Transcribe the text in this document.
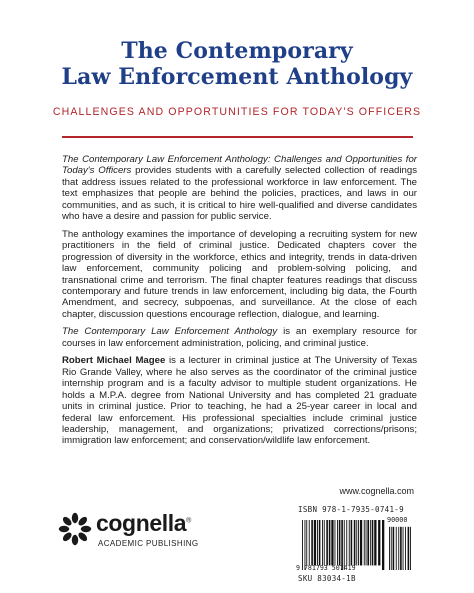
The Contemporary
Law Enforcement Anthology
CHALLENGES AND OPPORTUNITIES FOR TODAY'S OFFICERS

The Contemporary Law Enforcement Anthology: Challenges and Opportunities for Today's Officers provides students with a carefully selected collection of readings that address issues related to the professional workforce in law enforcement. The text emphasizes that people are behind the policies, practices, and laws in our communities, and as such, it is critical to hire well-qualified and diverse candidates who have a desire and passion for public service.

The anthology examines the importance of developing a recruiting system for new practitioners in the field of criminal justice. Dedicated chapters cover the progression of diversity in the workforce, ethics and integrity, trends in data-driven law enforcement, community policing and problem-solving policing, and transnational crime and terrorism. The final chapter features readings that discuss contemporary and future trends in law enforcement, including big data, the Fourth Amendment, and secrecy, subpoenas, and surveillance. At the close of each chapter, discussion questions encourage reflection, dialogue, and learning.

The Contemporary Law Enforcement Anthology is an exemplary resource for courses in law enforcement administration, policing, and criminal justice.

Robert Michael Magee is a lecturer in criminal justice at The University of Texas Rio Grande Valley, where he also serves as the coordinator of the criminal justice internship program and is a faculty advisor to multiple student organizations. He holds a M.P.A. degree from National University and has completed 21 graduate units in criminal justice. Prior to teaching, he had a 25-year career in local and federal law enforcement. His professional specialties include criminal justice leadership, management, and organizations; privatized corrections/prisons; immigration law enforcement; and conservation/wildlife law enforcement.

cognella®
ACADEMIC PUBLISHING
www.cognella.com
ISBN 978-1-7935-0741-9
90000
9 781793 507419
SKU 83034-1B
